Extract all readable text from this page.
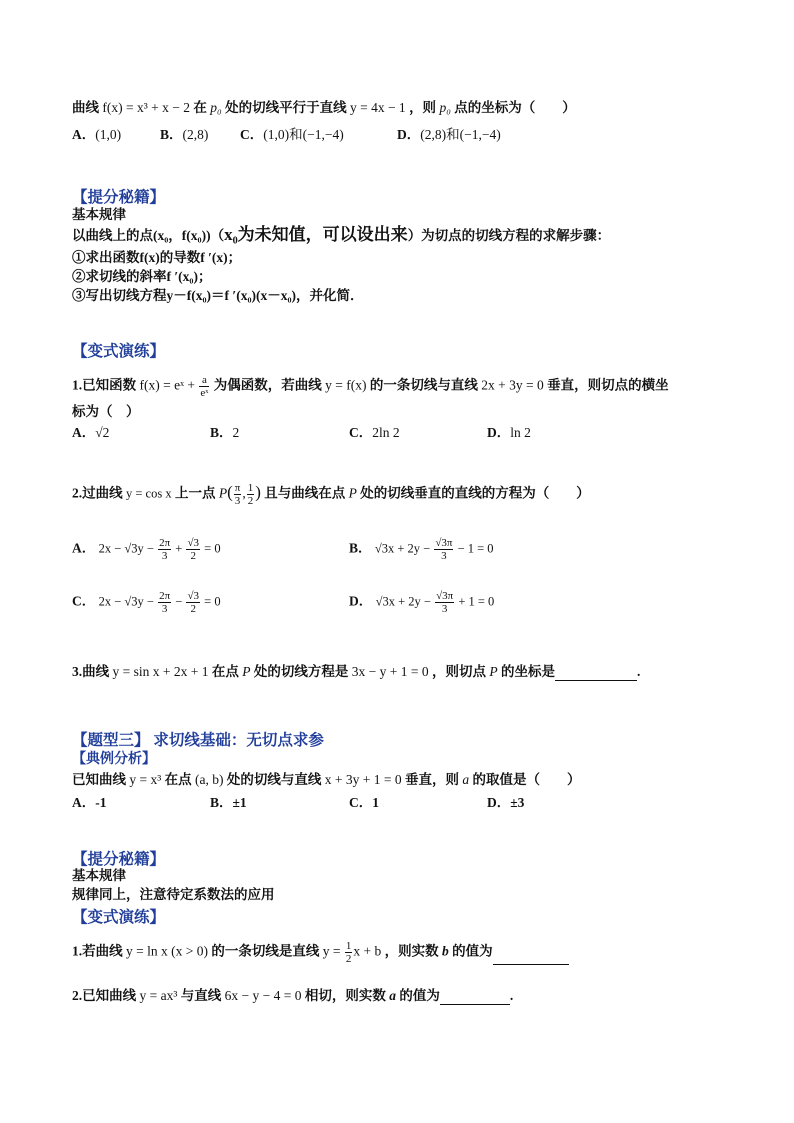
曲线 f(x) = x³ + x − 2 在 p₀ 处的切线平行于直线 y = 4x − 1 ，则 p₀ 点的坐标为（　　）
A．(1,0)	B．(2,8) C．(1,0)和(−1,−4)	D．(2,8)和(−1,−4)
【提分秘籍】
基本规律
以曲线上的点(x₀，f(x₀))（x₀为未知值，可以设出来）为切点的切线方程的求解步骤：
①求出函数f(x)的导数f ′(x)；
②求切线的斜率f ′(x₀)；
③写出切线方程y－f(x₀)＝f ′(x₀)(x－x₀)，并化简．
【变式演练】
1.已知函数 f(x) = eˣ + $\frac{a}{\text{eˣ}}$ 为偶函数，若曲线 y = f(x) 的一条切线与直线 2x + 3y = 0 垂直，则切点的横坐
标为（　）
A．√2	B．2	C．2ln 2	D．ln 2
2.过曲线 y = cos x 上一点 $P( \frac{\pi}{3}$ , $\frac{1}{2}$ ) 且与曲线在点 P 处的切线垂直的直线的方程为（　　）
A． $2x - √3y - \frac{2\pi}{3} + \frac{√3}{2} = 0$	B． $√3x + 2y - \frac{√3\pi}{3} - 1 = 0$
C． $2x - √3y - \frac{2\pi}{3} - \frac{√3}{2} = 0$	D． $√3x + 2y - \frac{√3\pi}{3} + 1 = 0$
3.曲线 y = sin x + 2x + 1 在点 P 处的切线方程是 3x − y + 1 = 0 ，则切点 P 的坐标是	.
【题型三】 求切线基础：无切点求参
【典例分析】
已知曲线 y = x³ 在点 (a, b) 处的切线与直线 x + 3y + 1 = 0 垂直，则 a 的取值是（　　）
A．-1	B．±1	C．1	D．±3
【提分秘籍】
基本规律
规律同上，注意待定系数法的应用
【变式演练】
1.若曲线 y = ln x (x > 0) 的一条切线是直线 $y = \frac{1}{2}$ x + b ，则实数 b 的值为
2.已知曲线 y = ax³ 与直线 6x − y − 4 = 0 相切，则实数 a 的值为	.
